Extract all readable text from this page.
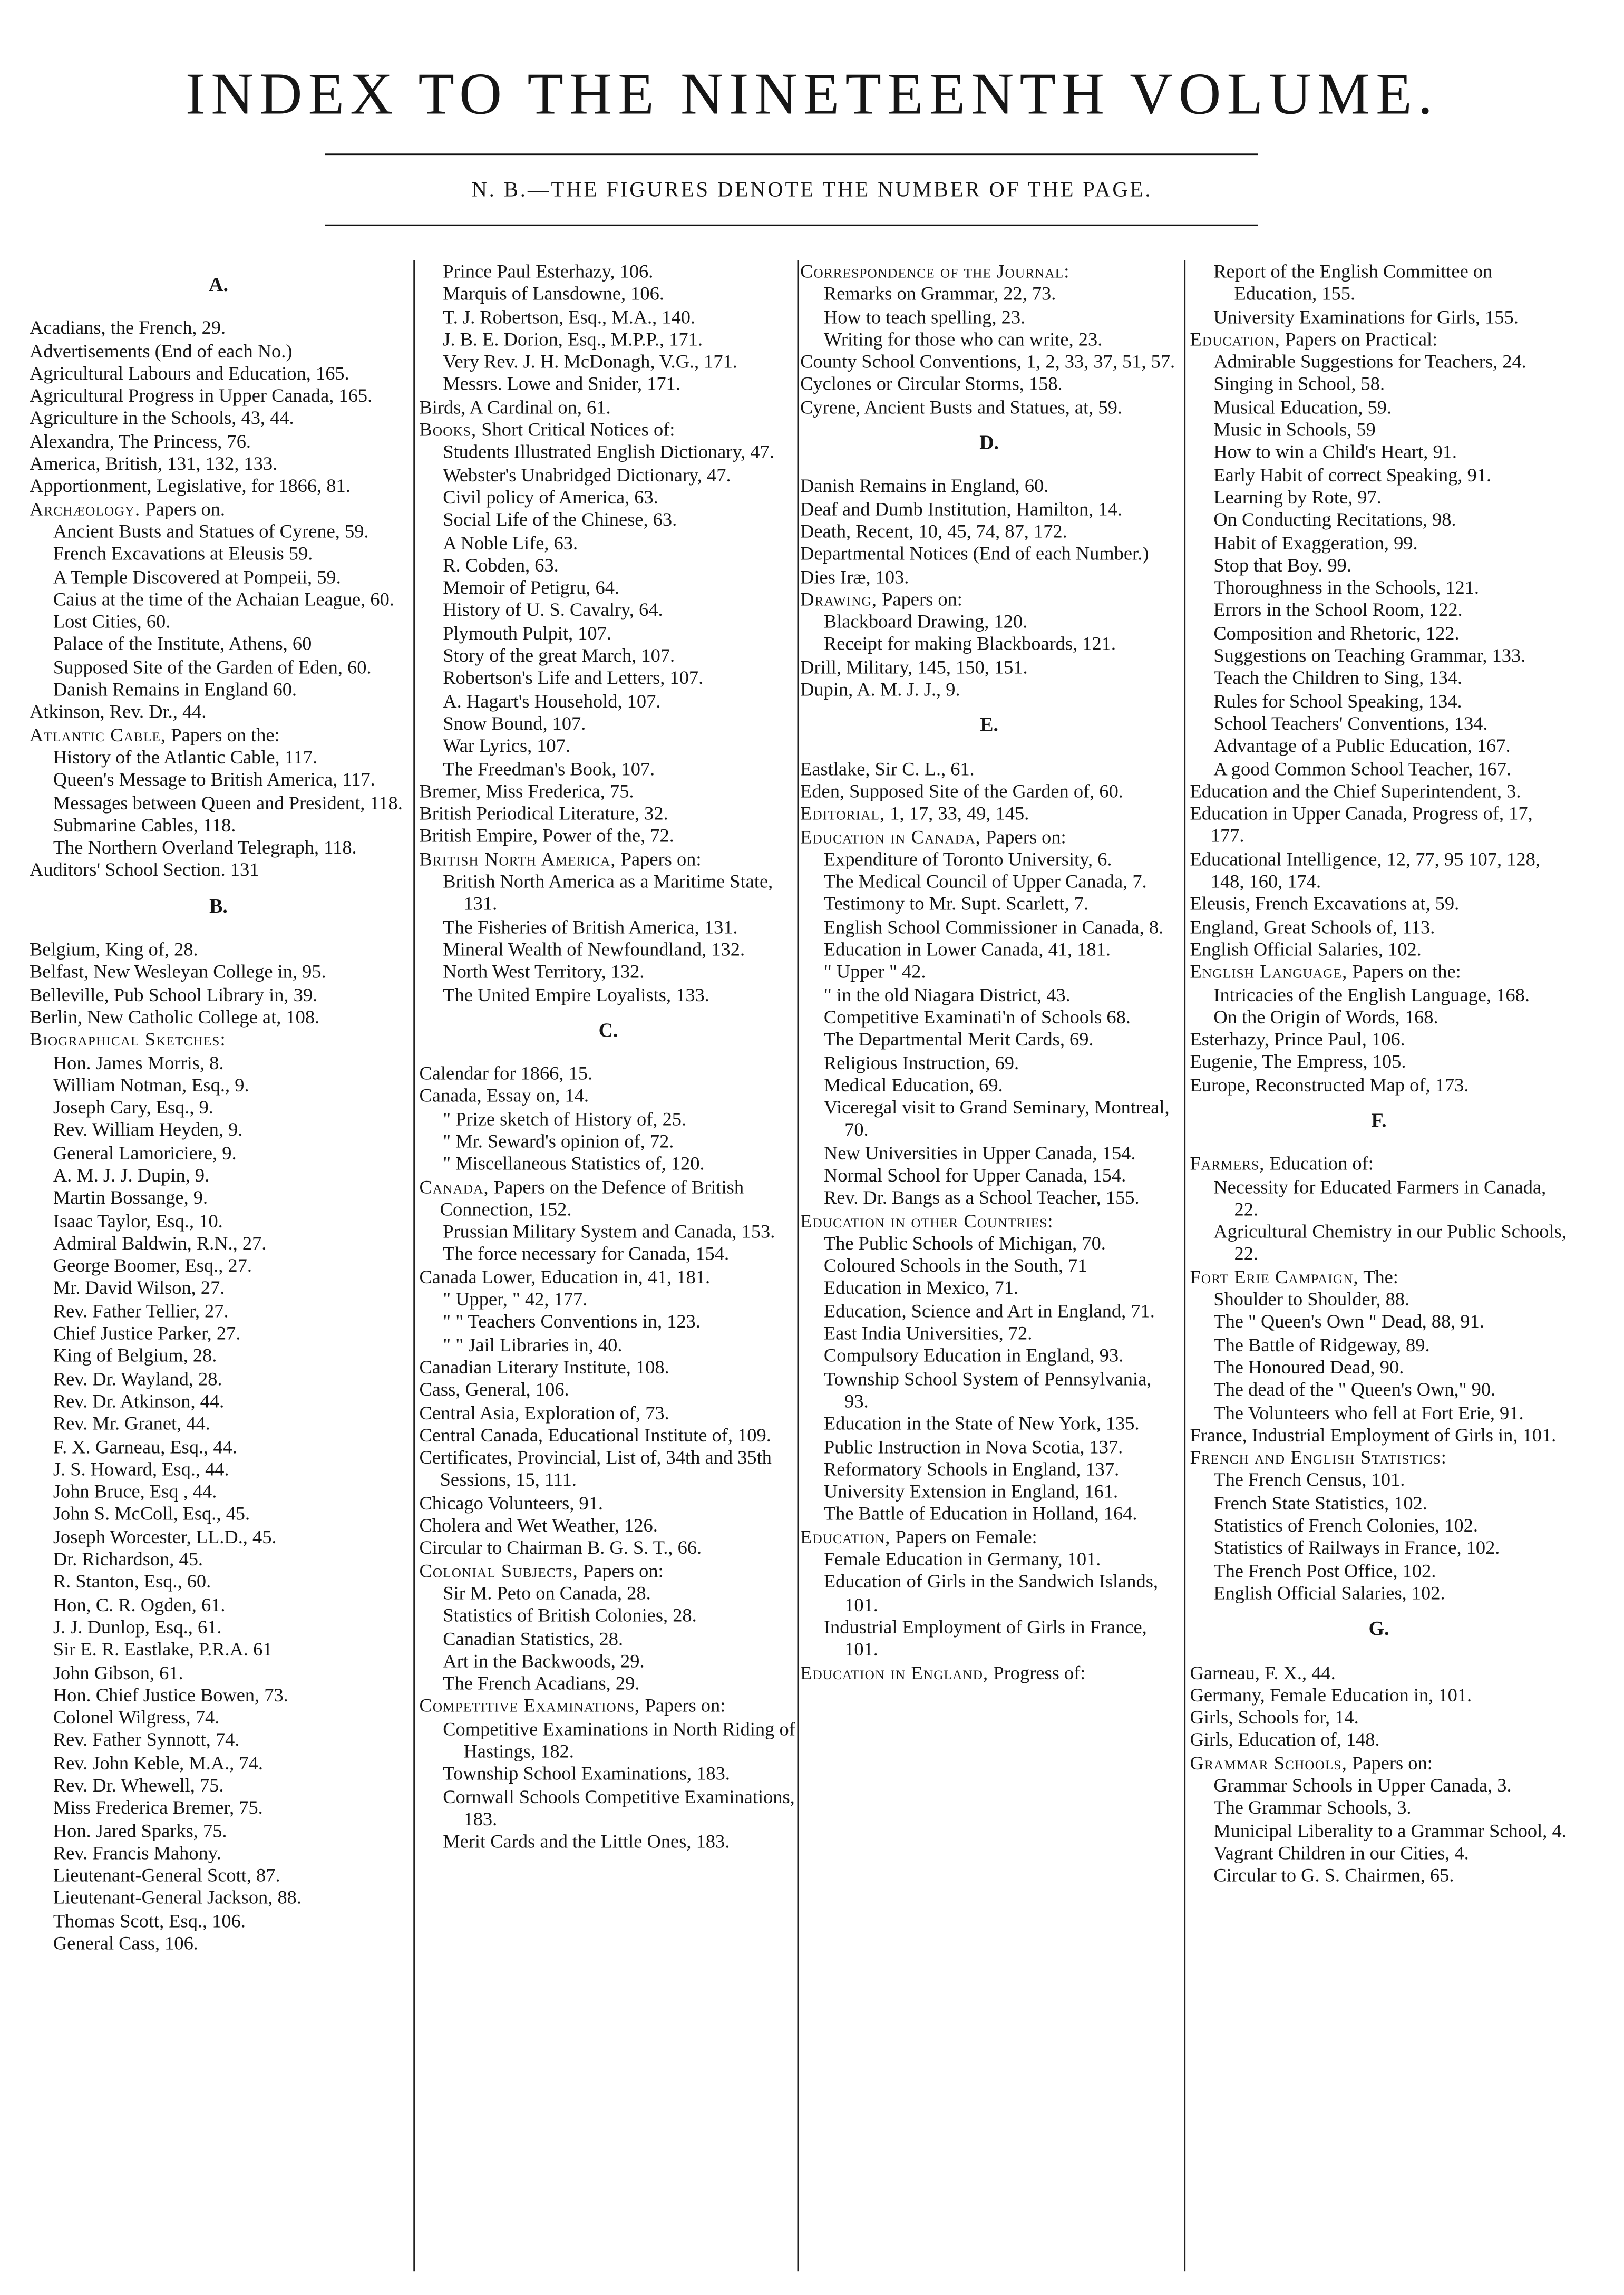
INDEX TO THE NINETEENTH VOLUME.
N. B.—THE FIGURES DENOTE THE NUMBER OF THE PAGE.
A.
Acadians, the French, 29.
Advertisements (End of each No.)
Agricultural Labours and Education, 165.
Agricultural Progress in Upper Canada, 165.
Agriculture in the Schools, 43, 44.
Alexandra, The Princess, 76.
America, British, 131, 132, 133.
Apportionment, Legislative, for 1866, 81.
Archæology. Papers on.
Ancient Busts and Statues of Cyrene, 59.
French Excavations at Eleusis 59.
A Temple Discovered at Pompeii, 59.
Caius at the time of the Achaian League, 60.
Lost Cities, 60.
Palace of the Institute, Athens, 60
Supposed Site of the Garden of Eden, 60.
Danish Remains in England 60.
Atkinson, Rev. Dr., 44.
Atlantic Cable, Papers on the:
History of the Atlantic Cable, 117.
Queen's Message to British America, 117.
Messages between Queen and President, 118.
Submarine Cables, 118.
The Northern Overland Telegraph, 118.
Auditors' School Section. 131
B.
Belgium, King of, 28.
Belfast, New Wesleyan College in, 95.
Belleville, Pub School Library in, 39.
Berlin, New Catholic College at, 108.
Biographical Sketches:
Hon. James Morris, 8.
William Notman, Esq., 9.
Joseph Cary, Esq., 9.
Rev. William Heyden, 9.
General Lamoriciere, 9.
A. M. J. J. Dupin, 9.
Martin Bossange, 9.
Isaac Taylor, Esq., 10.
Admiral Baldwin, R.N., 27.
George Boomer, Esq., 27.
Mr. David Wilson, 27.
Rev. Father Tellier, 27.
Chief Justice Parker, 27.
King of Belgium, 28.
Rev. Dr. Wayland, 28.
Rev. Dr. Atkinson, 44.
Rev. Mr. Granet, 44.
F. X. Garneau, Esq., 44.
J. S. Howard, Esq., 44.
John Bruce, Esq , 44.
John S. McColl, Esq., 45.
Joseph Worcester, LL.D., 45.
Dr. Richardson, 45.
R. Stanton, Esq., 60.
Hon, C. R. Ogden, 61.
J. J. Dunlop, Esq., 61.
Sir E. R. Eastlake, P.R.A. 61
John Gibson, 61.
Hon. Chief Justice Bowen, 73.
Colonel Wilgress, 74.
Rev. Father Synnott, 74.
Rev. John Keble, M.A., 74.
Rev. Dr. Whewell, 75.
Miss Frederica Bremer, 75.
Hon. Jared Sparks, 75.
Rev. Francis Mahony.
Lieutenant-General Scott, 87.
Lieutenant-General Jackson, 88.
Thomas Scott, Esq., 106.
General Cass, 106.
Prince Paul Esterhazy, 106.
Marquis of Lansdowne, 106.
T. J. Robertson, Esq., M.A., 140.
J. B. E. Dorion, Esq., M.P.P., 171.
Very Rev. J. H. McDonagh, V.G., 171.
Messrs. Lowe and Snider, 171.
Birds, A Cardinal on, 61.
Books, Short Critical Notices of:
Students Illustrated English Dictionary, 47.
Webster's Unabridged Dictionary, 47.
Civil policy of America, 63.
Social Life of the Chinese, 63.
A Noble Life, 63.
R. Cobden, 63.
Memoir of Petigru, 64.
History of U. S. Cavalry, 64.
Plymouth Pulpit, 107.
Story of the great March, 107.
Robertson's Life and Letters, 107.
A. Hagart's Household, 107.
Snow Bound, 107.
War Lyrics, 107.
The Freedman's Book, 107.
Bremer, Miss Frederica, 75.
British Periodical Literature, 32.
British Empire, Power of the, 72.
British North America, Papers on:
British North America as a Maritime State, 131.
The Fisheries of British America, 131.
Mineral Wealth of Newfoundland, 132.
North West Territory, 132.
The United Empire Loyalists, 133.
C.
Calendar for 1866, 15.
Canada, Essay on, 14.
" Prize sketch of History of, 25.
" Mr. Seward's opinion of, 72.
" Miscellaneous Statistics of, 120.
Canada, Papers on the Defence of British Connection, 152.
Prussian Military System and Canada, 153.
The force necessary for Canada, 154.
Canada Lower, Education in, 41, 181.
" Upper, " 42, 177.
" " Teachers Conventions in, 123.
" " Jail Libraries in, 40.
Canadian Literary Institute, 108.
Cass, General, 106.
Central Asia, Exploration of, 73.
Central Canada, Educational Institute of, 109.
Certificates, Provincial, List of, 34th and 35th Sessions, 15, 111.
Chicago Volunteers, 91.
Cholera and Wet Weather, 126.
Circular to Chairman B. G. S. T., 66.
Colonial Subjects, Papers on:
Sir M. Peto on Canada, 28.
Statistics of British Colonies, 28.
Canadian Statistics, 28.
Art in the Backwoods, 29.
The French Acadians, 29.
Competitive Examinations, Papers on:
Competitive Examinations in North Riding of Hastings, 182.
Township School Examinations, 183.
Cornwall Schools Competitive Examinations, 183.
Merit Cards and the Little Ones, 183.
Correspondence of the Journal:
Remarks on Grammar, 22, 73.
How to teach spelling, 23.
Writing for those who can write, 23.
County School Conventions, 1, 2, 33, 37, 51, 57.
Cyclones or Circular Storms, 158.
Cyrene, Ancient Busts and Statues, at, 59.
D.
Danish Remains in England, 60.
Deaf and Dumb Institution, Hamilton, 14.
Death, Recent, 10, 45, 74, 87, 172.
Departmental Notices (End of each Number.)
Dies Iræ, 103.
Drawing, Papers on:
Blackboard Drawing, 120.
Receipt for making Blackboards, 121.
Drill, Military, 145, 150, 151.
Dupin, A. M. J. J., 9.
E.
Eastlake, Sir C. L., 61.
Eden, Supposed Site of the Garden of, 60.
Editorial, 1, 17, 33, 49, 145.
Education in Canada, Papers on:
Expenditure of Toronto University, 6.
The Medical Council of Upper Canada, 7.
Testimony to Mr. Supt. Scarlett, 7.
English School Commissioner in Canada, 8.
Education in Lower Canada, 41, 181.
" Upper " 42.
" in the old Niagara District, 43.
Competitive Examinati'n of Schools 68.
The Departmental Merit Cards, 69.
Religious Instruction, 69.
Medical Education, 69.
Viceregal visit to Grand Seminary, Montreal, 70.
New Universities in Upper Canada, 154.
Normal School for Upper Canada, 154.
Rev. Dr. Bangs as a School Teacher, 155.
Education in other Countries:
The Public Schools of Michigan, 70.
Coloured Schools in the South, 71
Education in Mexico, 71.
Education, Science and Art in England, 71.
East India Universities, 72.
Compulsory Education in England, 93.
Township School System of Pennsylvania, 93.
Education in the State of New York, 135.
Public Instruction in Nova Scotia, 137.
Reformatory Schools in England, 137.
University Extension in England, 161.
The Battle of Education in Holland, 164.
Education, Papers on Female:
Female Education in Germany, 101.
Education of Girls in the Sandwich Islands, 101.
Industrial Employment of Girls in France, 101.
Education in England, Progress of:
Report of the English Committee on Education, 155.
University Examinations for Girls, 155.
Education, Papers on Practical:
Admirable Suggestions for Teachers, 24.
Singing in School, 58.
Musical Education, 59.
Music in Schools, 59
How to win a Child's Heart, 91.
Early Habit of correct Speaking, 91.
Learning by Rote, 97.
On Conducting Recitations, 98.
Habit of Exaggeration, 99.
Stop that Boy. 99.
Thoroughness in the Schools, 121.
Errors in the School Room, 122.
Composition and Rhetoric, 122.
Suggestions on Teaching Grammar, 133.
Teach the Children to Sing, 134.
Rules for School Speaking, 134.
School Teachers' Conventions, 134.
Advantage of a Public Education, 167.
A good Common School Teacher, 167.
Education and the Chief Superintendent, 3.
Education in Upper Canada, Progress of, 17, 177.
Educational Intelligence, 12, 77, 95 107, 128, 148, 160, 174.
Eleusis, French Excavations at, 59.
England, Great Schools of, 113.
English Official Salaries, 102.
English Language, Papers on the:
Intricacies of the English Language, 168.
On the Origin of Words, 168.
Esterhazy, Prince Paul, 106.
Eugenie, The Empress, 105.
Europe, Reconstructed Map of, 173.
F.
Farmers, Education of:
Necessity for Educated Farmers in Canada, 22.
Agricultural Chemistry in our Public Schools, 22.
Fort Erie Campaign, The:
Shoulder to Shoulder, 88.
The " Queen's Own " Dead, 88, 91.
The Battle of Ridgeway, 89.
The Honoured Dead, 90.
The dead of the " Queen's Own," 90.
The Volunteers who fell at Fort Erie, 91.
France, Industrial Employment of Girls in, 101.
French and English Statistics:
The French Census, 101.
French State Statistics, 102.
Statistics of French Colonies, 102.
Statistics of Railways in France, 102.
The French Post Office, 102.
English Official Salaries, 102.
G.
Garneau, F. X., 44.
Germany, Female Education in, 101.
Girls, Schools for, 14.
Girls, Education of, 148.
Grammar Schools, Papers on:
Grammar Schools in Upper Canada, 3.
The Grammar Schools, 3.
Municipal Liberality to a Grammar School, 4.
Vagrant Children in our Cities, 4.
Circular to G. S. Chairmen, 65.
